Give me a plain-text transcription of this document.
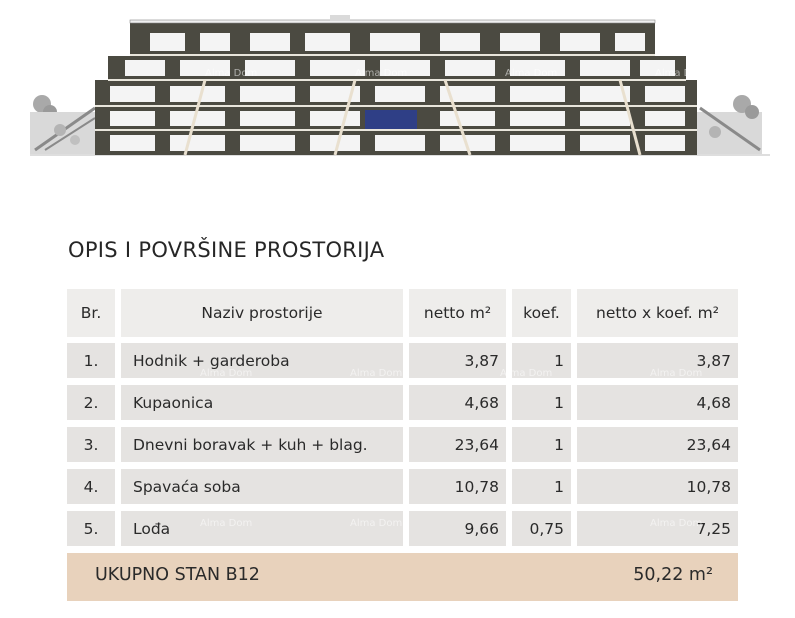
OPIS I POVRŠINE PROSTORIJA
Br.	Naziv prostorije	netto m²	koef.	netto x koef. m²
1.	Hodnik + garderoba	3,87	1	3,87
2.	Kupaonica	4,68	1	4,68
3.	Dnevni boravak + kuh + blag.	23,64	1	23,64
4.	Spavaća soba	10,78	1	10,78
5.	Lođa	9,66	0,75	7,25
UKUPNO STAN B12	50,22 m²
Alma Dom	Alma Dom	Alma Dom	Alma Dom
Alma Dom	Alma Dom	Alma Dom	Alma Dom
Alma Dom	Alma Dom	Alma Dom
